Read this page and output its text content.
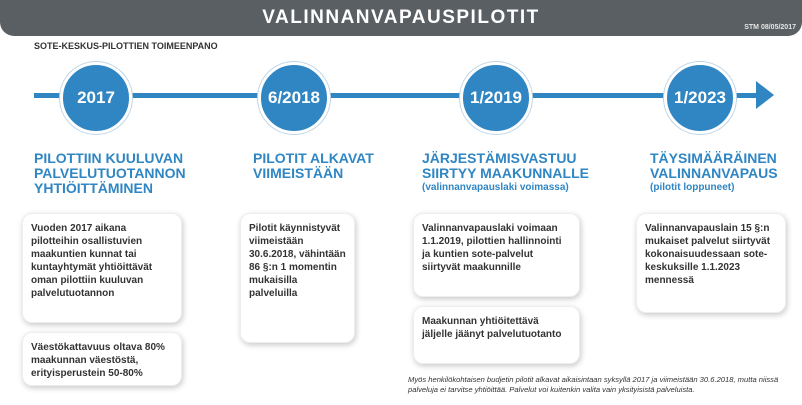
VALINNANVAPAUSPILOTIT	STM 08/05/2017
SOTE-KESKUS-PILOTTIEN TOIMEENPANO
2017	6/2018	1/2019	1/2023
PILOTTIIN KUULUVAN PALVELUTUOTANNON YHTIÖITTÄMINEN
PILOTIT ALKAVAT VIIMEISTÄÄN
JÄRJESTÄMISVASTUU SIIRTYY MAAKUNNALLE
(valinnanvapauslaki voimassa)
TÄYSIMÄÄRÄINEN VALINNANVAPAUS
(pilotit loppuneet)
Vuoden 2017 aikana pilotteihin osallistuvien maakuntien kunnat tai kuntayhtymät yhtiöittävät oman pilottiin kuuluvan palvelutuotannon
Väestökattavuus oltava 80% maakunnan väestöstä, erityisperustein 50-80%
Pilotit käynnistyvät viimeistään 30.6.2018, vähintään 86 §:n 1 momentin mukaisilla palveluilla
Valinnanvapauslaki voimaan 1.1.2019, pilottien hallinnointi ja kuntien sote-palvelut siirtyvät maakunnille
Maakunnan yhtiöitettävä jäljelle jäänyt palvelutuotanto
Valinnanvapauslain 15 §:n mukaiset palvelut siirtyvät kokonaisuudessaan sote-keskuksille 1.1.2023 mennessä
Myös henkilökohtaisen budjetin pilotit alkavat aikaisintaan syksyllä 2017 ja viimeistään 30.6.2018, mutta niissä palveluja ei tarvitse yhtiöittää. Palvelut voi kuitenkin valita vain yksityisistä palveluista.
